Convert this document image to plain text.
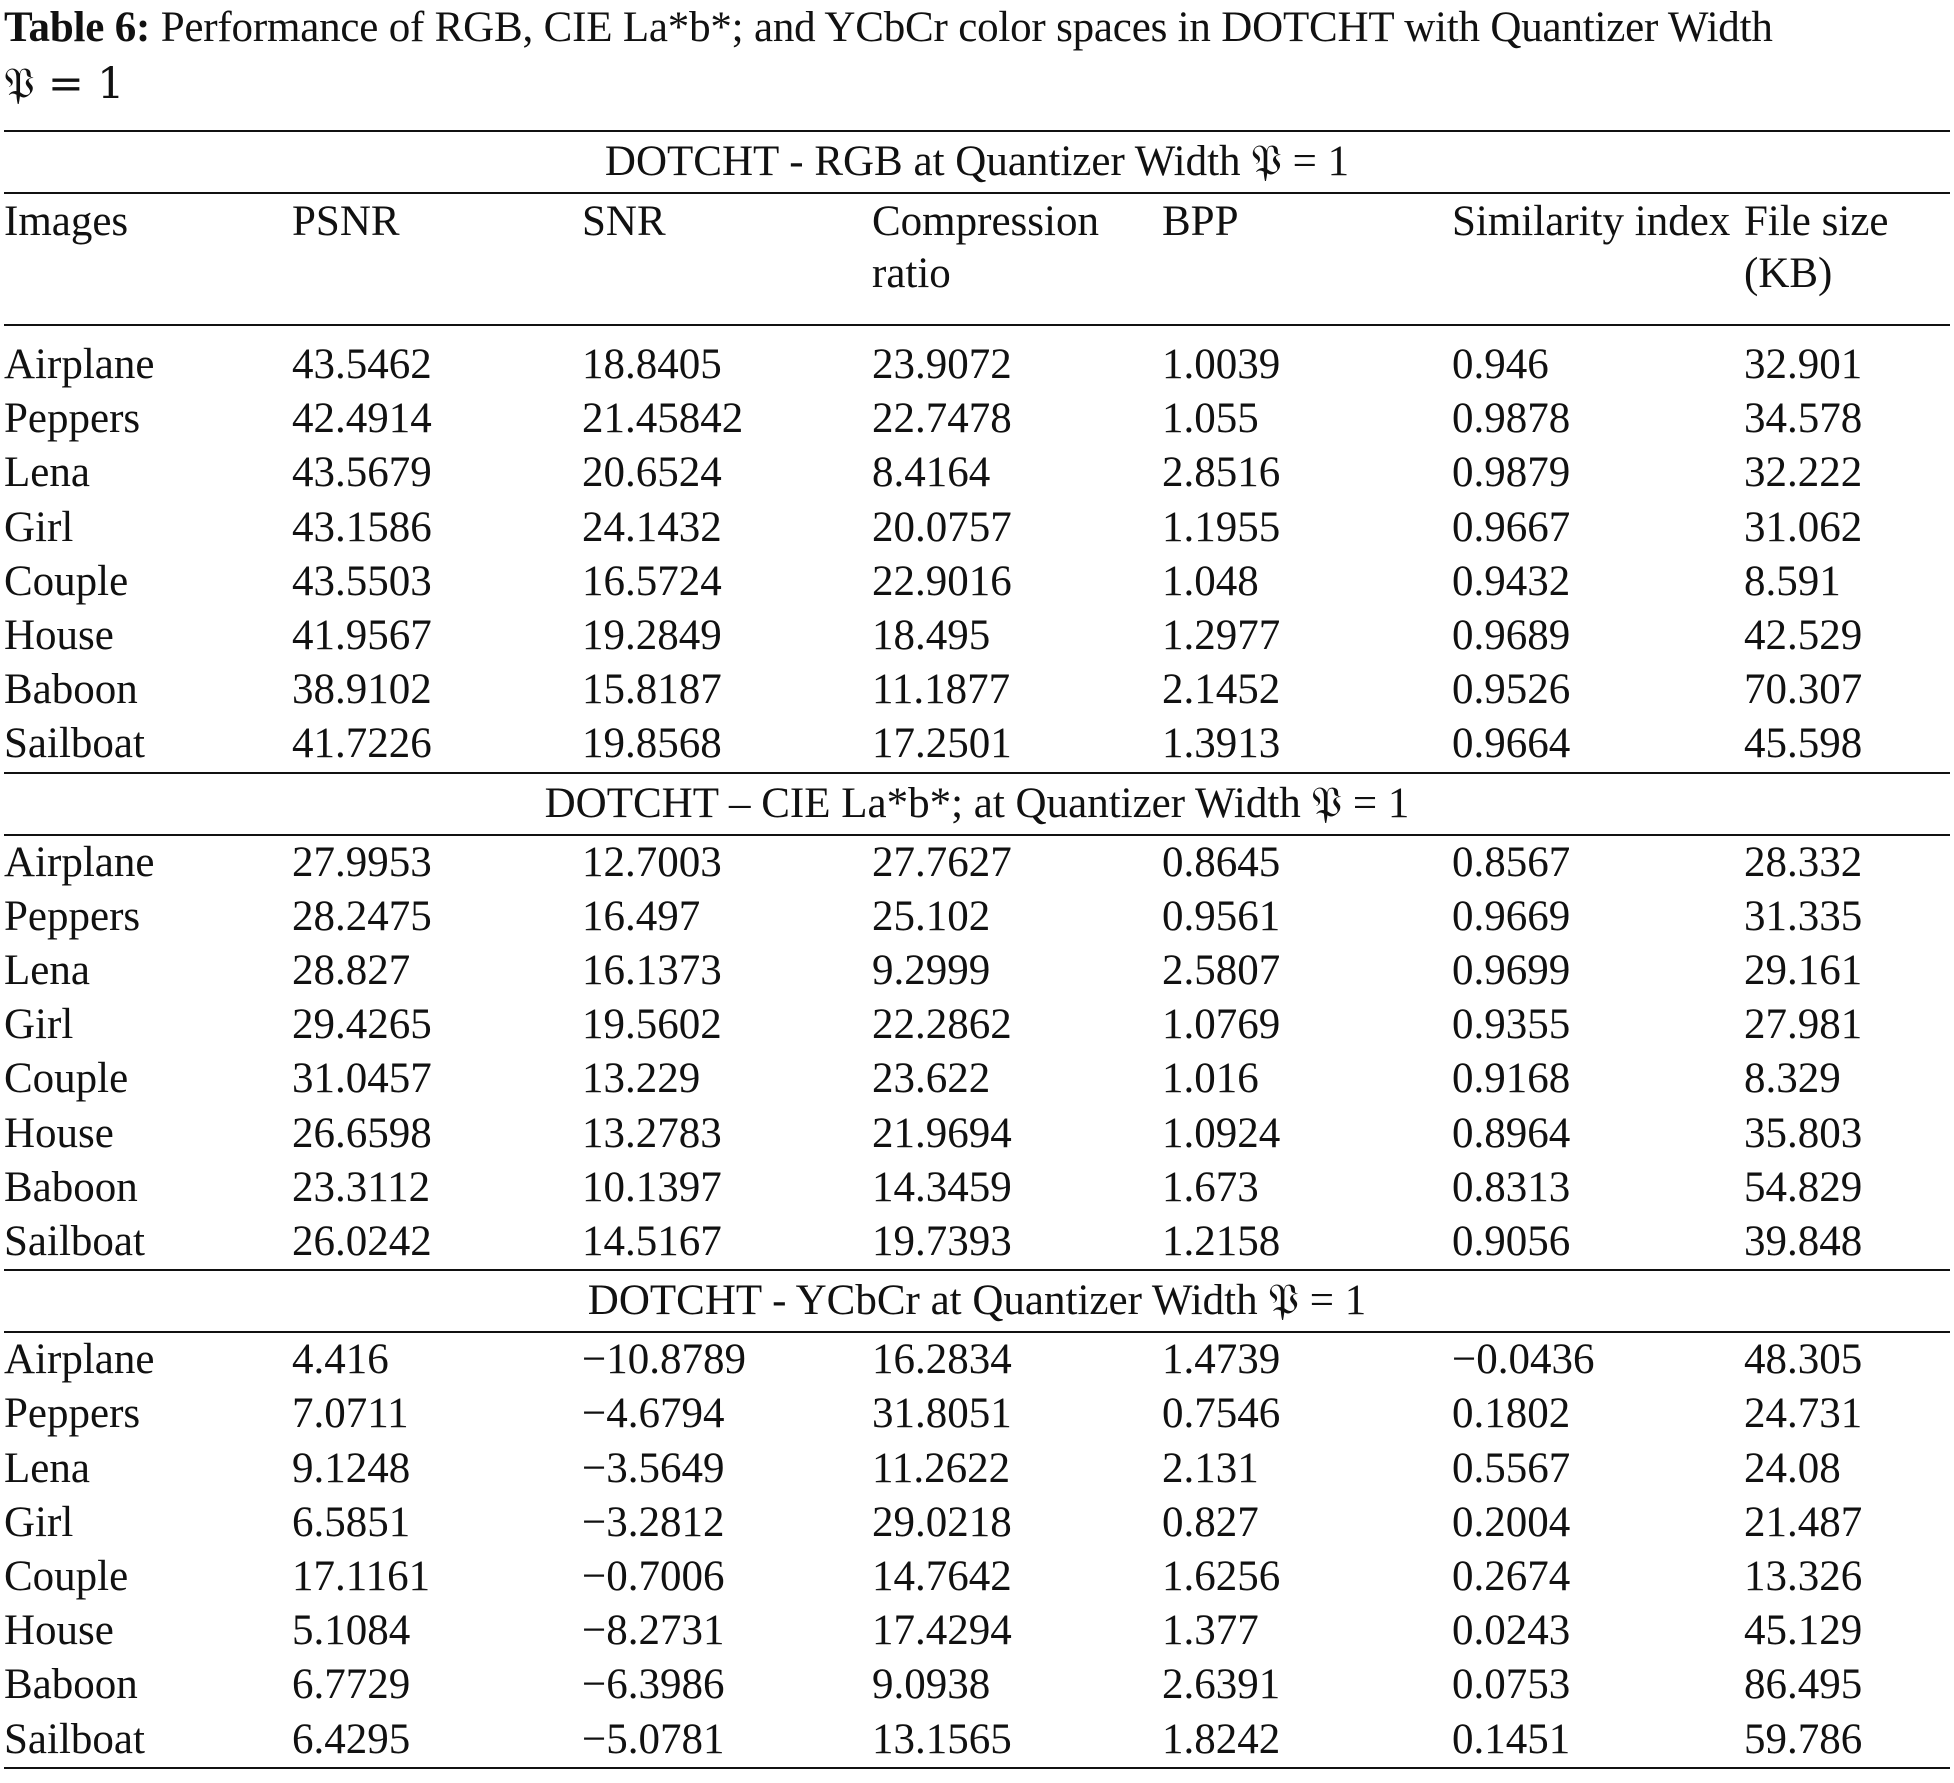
Table 6: Performance of RGB, CIE La*b*; and YCbCr color spaces in DOTCHT with Quantizer Width
𝔓 = 1
DOTCHT - RGB at Quantizer Width 𝔓 = 1						
Images	PSNR	SNR	Compression ratio	BPP	Similarity index	File size (KB)
Airplane	43.5462	18.8405	23.9072	1.0039	0.946	32.901
Peppers	42.4914	21.45842	22.7478	1.055	0.9878	34.578
Lena	43.5679	20.6524	8.4164	2.8516	0.9879	32.222
Girl	43.1586	24.1432	20.0757	1.1955	0.9667	31.062
Couple	43.5503	16.5724	22.9016	1.048	0.9432	8.591
House	41.9567	19.2849	18.495	1.2977	0.9689	42.529
Baboon	38.9102	15.8187	11.1877	2.1452	0.9526	70.307
Sailboat	41.7226	19.8568	17.2501	1.3913	0.9664	45.598
DOTCHT – CIE La*b*; at Quantizer Width 𝔓 = 1						
Airplane	27.9953	12.7003	27.7627	0.8645	0.8567	28.332
Peppers	28.2475	16.497	25.102	0.9561	0.9669	31.335
Lena	28.827	16.1373	9.2999	2.5807	0.9699	29.161
Girl	29.4265	19.5602	22.2862	1.0769	0.9355	27.981
Couple	31.0457	13.229	23.622	1.016	0.9168	8.329
House	26.6598	13.2783	21.9694	1.0924	0.8964	35.803
Baboon	23.3112	10.1397	14.3459	1.673	0.8313	54.829
Sailboat	26.0242	14.5167	19.7393	1.2158	0.9056	39.848
DOTCHT - YCbCr at Quantizer Width 𝔓 = 1						
Airplane	4.416	−10.8789	16.2834	1.4739	−0.0436	48.305
Peppers	7.0711	−4.6794	31.8051	0.7546	0.1802	24.731
Lena	9.1248	−3.5649	11.2622	2.131	0.5567	24.08
Girl	6.5851	−3.2812	29.0218	0.827	0.2004	21.487
Couple	17.1161	−0.7006	14.7642	1.6256	0.2674	13.326
House	5.1084	−8.2731	17.4294	1.377	0.0243	45.129
Baboon	6.7729	−6.3986	9.0938	2.6391	0.0753	86.495
Sailboat	6.4295	−5.0781	13.1565	1.8242	0.1451	59.786
